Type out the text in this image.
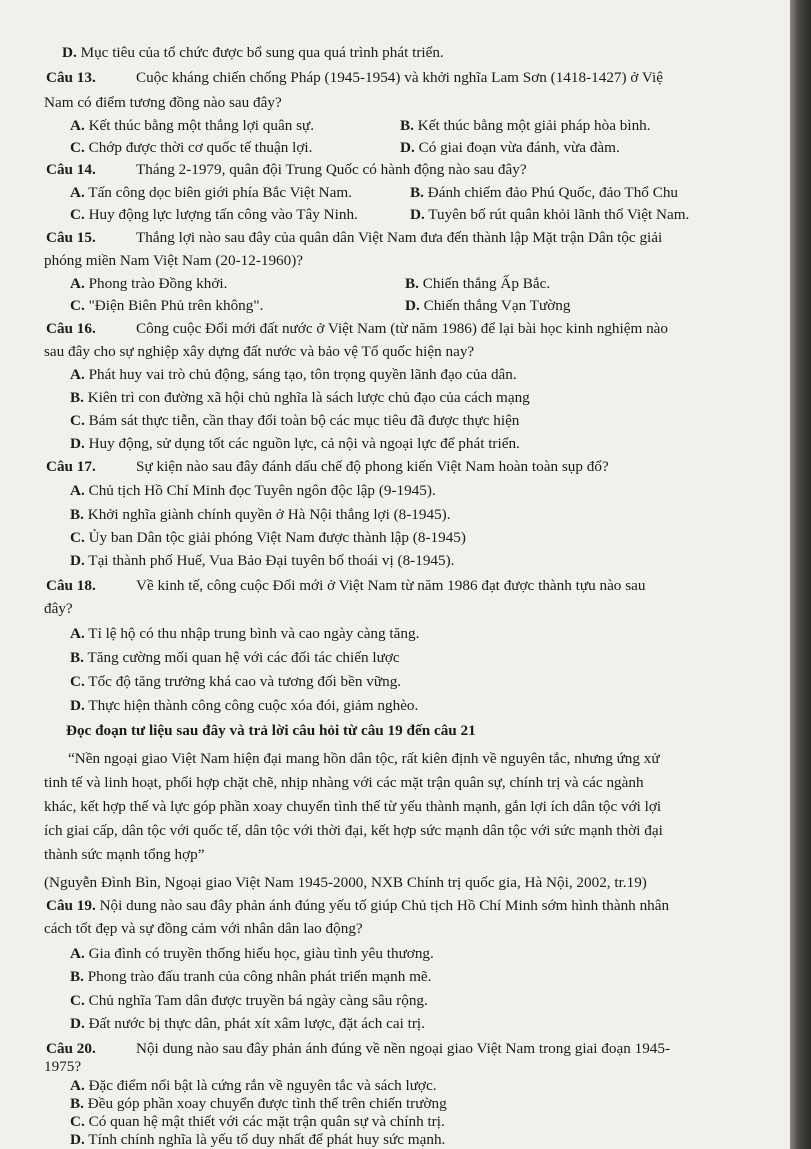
D. Mục tiêu của tổ chức được bổ sung qua quá trình phát triển.
Câu 13.	Cuộc kháng chiến chống Pháp (1945-1954) và khởi nghĩa Lam Sơn (1418-1427) ở Việ
Nam có điểm tương đồng nào sau đây?
A. Kết thúc bằng một thắng lợi quân sự.	B. Kết thúc bằng một giải pháp hòa bình.
C. Chớp được thời cơ quốc tế thuận lợi.	D. Có giai đoạn vừa đánh, vừa đàm.
Câu 14.	Tháng 2-1979, quân đội Trung Quốc có hành động nào sau đây?
A. Tấn công dọc biên giới phía Bắc Việt Nam.	B. Đánh chiếm đảo Phú Quốc, đảo Thổ Chu
C. Huy động lực lượng tấn công vào Tây Ninh.	D. Tuyên bố rút quân khỏi lãnh thổ Việt Nam.
Câu 15.	Thắng lợi nào sau đây của quân dân Việt Nam đưa đến thành lập Mặt trận Dân tộc giải
phóng miền Nam Việt Nam (20-12-1960)?
A. Phong trào Đồng khởi.	B. Chiến thắng Ấp Bắc.
C. "Điện Biên Phủ trên không".	D. Chiến thắng Vạn Tường
Câu 16.	Công cuộc Đổi mới đất nước ở Việt Nam (từ năm 1986) để lại bài học kinh nghiệm nào
sau đây cho sự nghiệp xây dựng đất nước và bảo vệ Tổ quốc hiện nay?
A. Phát huy vai trò chủ động, sáng tạo, tôn trọng quyền lãnh đạo của dân.
B. Kiên trì con đường xã hội chủ nghĩa là sách lược chủ đạo của cách mạng
C. Bám sát thực tiễn, cần thay đổi toàn bộ các mục tiêu đã được thực hiện
D. Huy động, sử dụng tốt các nguồn lực, cả nội và ngoại lực để phát triển.
Câu 17.	Sự kiện nào sau đây đánh dấu chế độ phong kiến Việt Nam hoàn toàn sụp đổ?
A. Chủ tịch Hồ Chí Minh đọc Tuyên ngôn độc lập (9-1945).
B. Khởi nghĩa giành chính quyền ở Hà Nội thắng lợi (8-1945).
C. Ủy ban Dân tộc giải phóng Việt Nam được thành lập (8-1945)
D. Tại thành phố Huế, Vua Bảo Đại tuyên bố thoái vị (8-1945).
Câu 18.	Về kinh tế, công cuộc Đổi mới ở Việt Nam từ năm 1986 đạt được thành tựu nào sau
đây?
A. Tỉ lệ hộ có thu nhập trung bình và cao ngày càng tăng.
B. Tăng cường mối quan hệ với các đối tác chiến lược
C. Tốc độ tăng trưởng khá cao và tương đối bền vững.
D. Thực hiện thành công công cuộc xóa đói, giảm nghèo.
Đọc đoạn tư liệu sau đây và trả lời câu hỏi từ câu 19 đến câu 21
“Nền ngoại giao Việt Nam hiện đại mang hồn dân tộc, rất kiên định về nguyên tắc, nhưng ứng xử
tinh tế và linh hoạt, phối hợp chặt chẽ, nhịp nhàng với các mặt trận quân sự, chính trị và các ngành
khác, kết hợp thế và lực góp phần xoay chuyển tình thế từ yếu thành mạnh, gắn lợi ích dân tộc với lợi
ích giai cấp, dân tộc với quốc tế, dân tộc với thời đại, kết hợp sức mạnh dân tộc với sức mạnh thời đại
thành sức mạnh tổng hợp”
(Nguyễn Đình Bìn, Ngoại giao Việt Nam 1945-2000, NXB Chính trị quốc gia, Hà Nội, 2002, tr.19)
Câu 19. Nội dung nào sau đây phản ánh đúng yếu tố giúp Chủ tịch Hồ Chí Minh sớm hình thành nhân
cách tốt đẹp và sự đồng cảm với nhân dân lao động?
A. Gia đình có truyền thống hiếu học, giàu tình yêu thương.
B. Phong trào đấu tranh của công nhân phát triển mạnh mẽ.
C. Chủ nghĩa Tam dân được truyền bá ngày càng sâu rộng.
D. Đất nước bị thực dân, phát xít xâm lược, đặt ách cai trị.
Câu 20.	Nội dung nào sau đây phản ánh đúng về nền ngoại giao Việt Nam trong giai đoạn 1945-
1975?
A. Đặc điểm nổi bật là cứng rắn về nguyên tắc và sách lược.
B. Đều góp phần xoay chuyển được tình thế trên chiến trường
C. Có quan hệ mật thiết với các mặt trận quân sự và chính trị.
D. Tính chính nghĩa là yếu tố duy nhất để phát huy sức mạnh.
